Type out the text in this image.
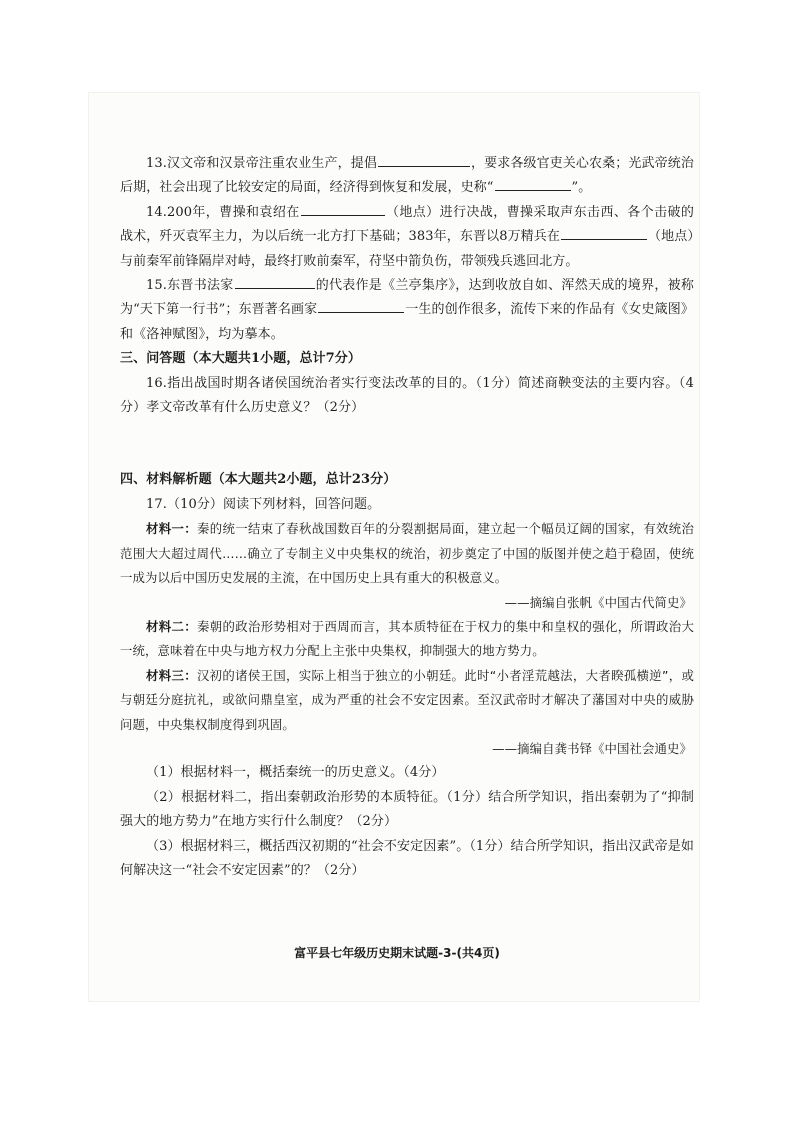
13.汉文帝和汉景帝注重农业生产，提倡	，要求各级官吏关心农桑；光武帝统治后期，社会出现了比较安定的局面，经济得到恢复和发展，史称“	”。

14.200年，曹操和袁绍在	（地点）进行决战，曹操采取声东击西、各个击破的战术，歼灭袁军主力，为以后统一北方打下基础；383年，东晋以8万精兵在	（地点）与前秦军前锋隔岸对峙，最终打败前秦军，苻坚中箭负伤，带领残兵逃回北方。

15.东晋书法家	的代表作是《兰亭集序》，达到收放自如、浑然天成的境界，被称为“天下第一行书”；东晋著名画家	一生的创作很多，流传下来的作品有《女史箴图》和《洛神赋图》，均为摹本。

三、问答题（本大题共1小题，总计7分）

16.指出战国时期各诸侯国统治者实行变法改革的目的。（1分）简述商鞅变法的主要内容。（4分）孝文帝改革有什么历史意义？（2分）

四、材料解析题（本大题共2小题，总计23分）

17.（10分）阅读下列材料，回答问题。

材料一：秦的统一结束了春秋战国数百年的分裂割据局面，建立起一个幅员辽阔的国家，有效统治范围大大超过周代……确立了专制主义中央集权的统治，初步奠定了中国的版图并使之趋于稳固，使统一成为以后中国历史发展的主流，在中国历史上具有重大的积极意义。

——摘编自张帆《中国古代简史》

材料二：秦朝的政治形势相对于西周而言，其本质特征在于权力的集中和皇权的强化，所谓政治大一统，意味着在中央与地方权力分配上主张中央集权，抑制强大的地方势力。

材料三：汉初的诸侯王国，实际上相当于独立的小朝廷。此时“小者淫荒越法，大者睽孤横逆”，或与朝廷分庭抗礼，或欲问鼎皇室，成为严重的社会不安定因素。至汉武帝时才解决了藩国对中央的威胁问题，中央集权制度得到巩固。

——摘编自龚书铎《中国社会通史》

（1）根据材料一，概括秦统一的历史意义。（4分）

（2）根据材料二，指出秦朝政治形势的本质特征。（1分）结合所学知识，指出秦朝为了“抑制强大的地方势力”在地方实行什么制度？（2分）

（3）根据材料三，概括西汉初期的“社会不安定因素”。（1分）结合所学知识，指出汉武帝是如何解决这一“社会不安定因素”的？（2分）

富平县七年级历史期末试题-3-(共4页)
